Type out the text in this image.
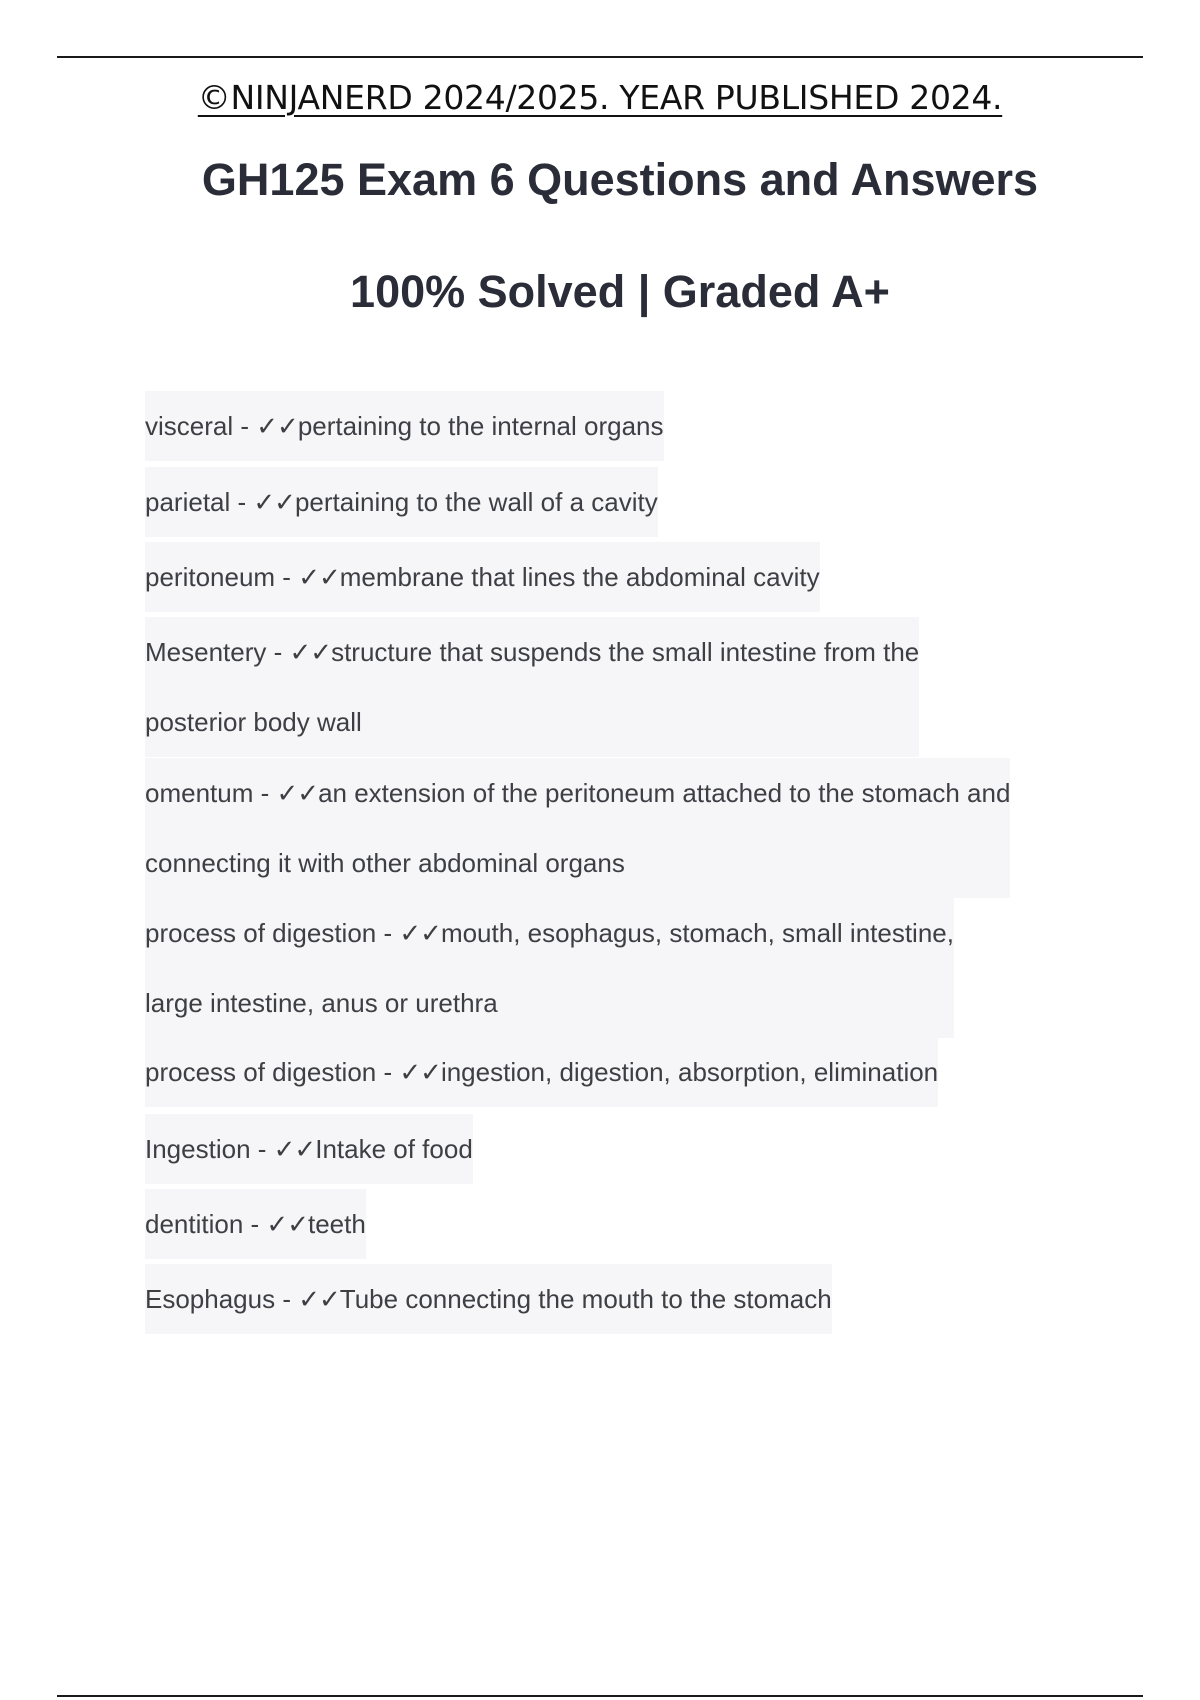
©NINJANERD 2024/2025. YEAR PUBLISHED 2024.
GH125 Exam 6 Questions and Answers
100% Solved | Graded A+
visceral - ✓✓pertaining to the internal organs
parietal - ✓✓pertaining to the wall of a cavity
peritoneum - ✓✓membrane that lines the abdominal cavity
Mesentery - ✓✓structure that suspends the small intestine from the
posterior body wall
omentum - ✓✓an extension of the peritoneum attached to the stomach and
connecting it with other abdominal organs
process of digestion - ✓✓mouth, esophagus, stomach, small intestine,
large intestine, anus or urethra
process of digestion - ✓✓ingestion, digestion, absorption, elimination
Ingestion - ✓✓Intake of food
dentition - ✓✓teeth
Esophagus - ✓✓Tube connecting the mouth to the stomach
